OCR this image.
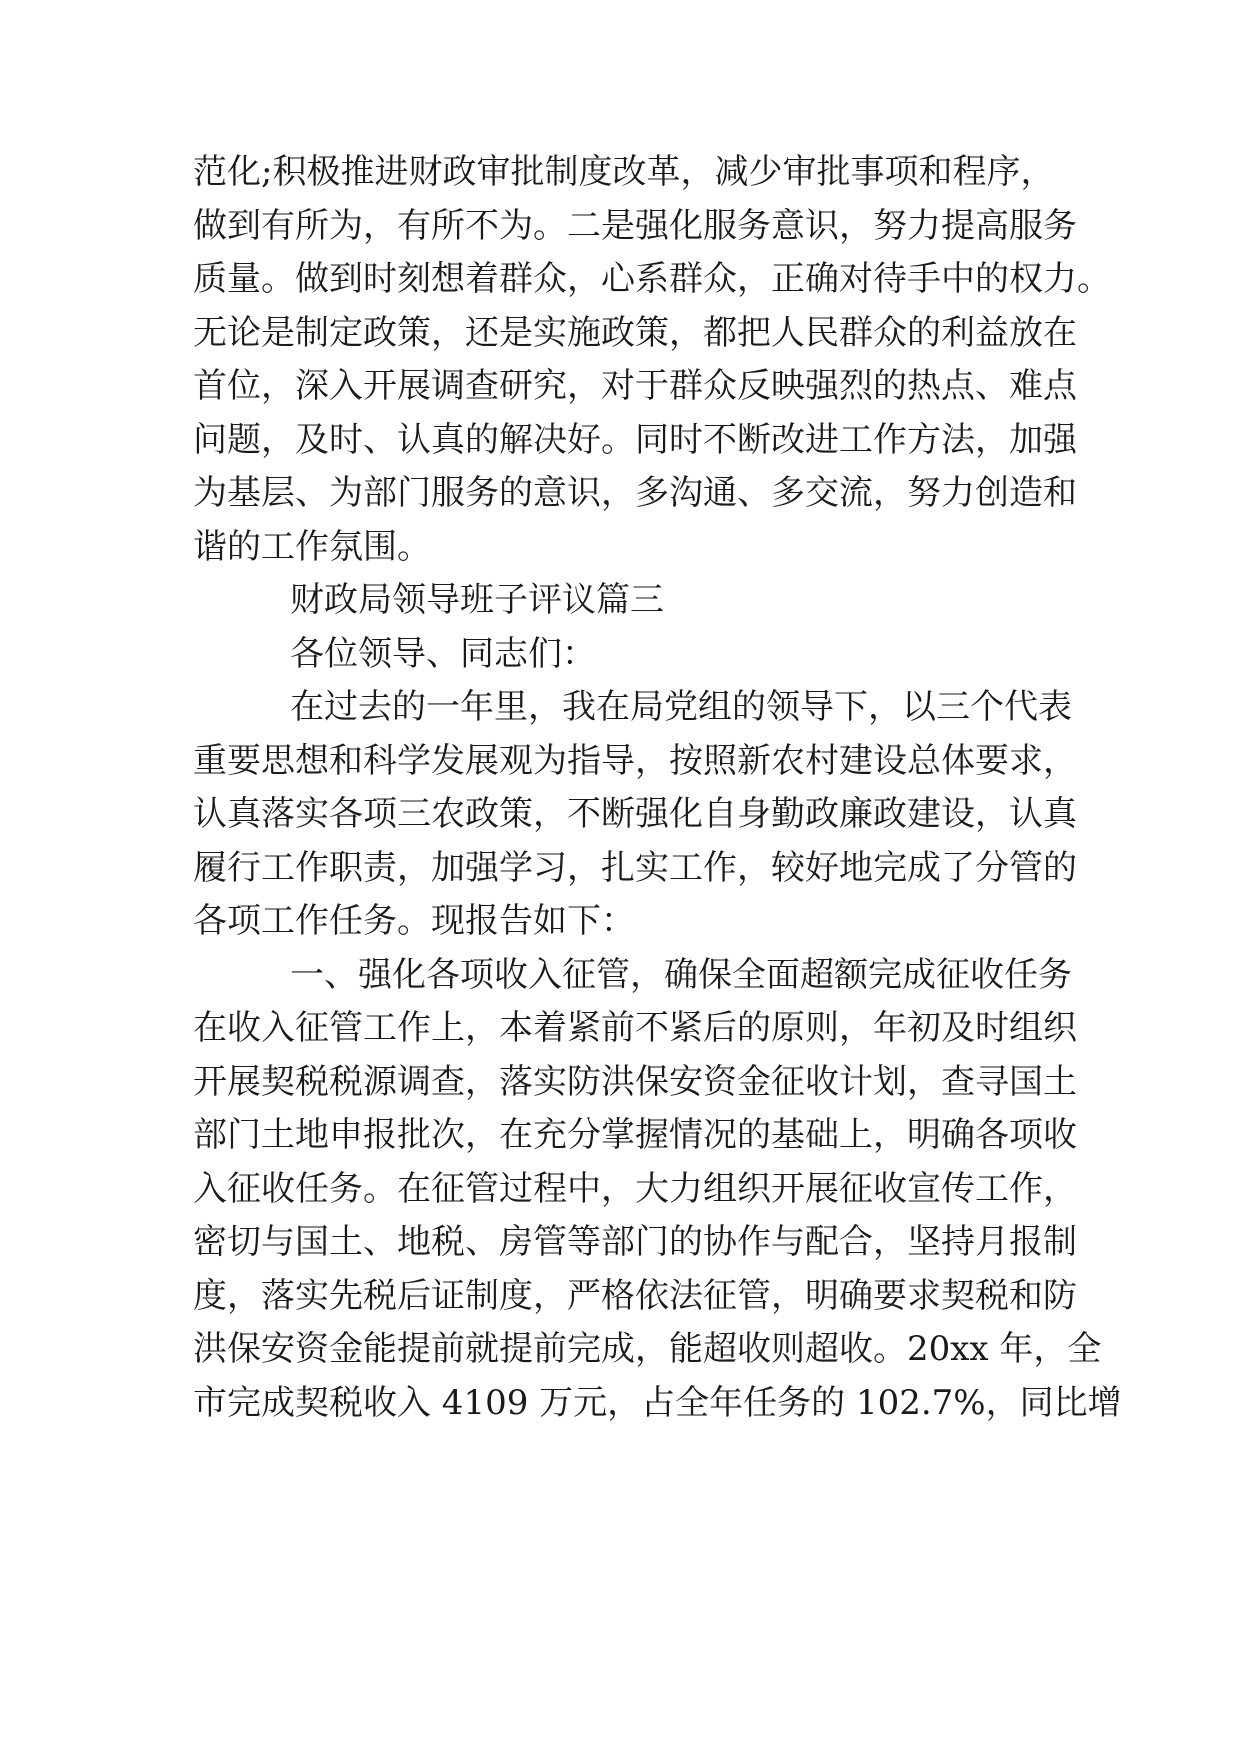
范化;积极推进财政审批制度改革，减少审批事项和程序，
做到有所为，有所不为。二是强化服务意识，努力提高服务
质量。做到时刻想着群众，心系群众，正确对待手中的权力。
无论是制定政策，还是实施政策，都把人民群众的利益放在
首位，深入开展调查研究，对于群众反映强烈的热点、难点
问题，及时、认真的解决好。同时不断改进工作方法，加强
为基层、为部门服务的意识，多沟通、多交流，努力创造和
谐的工作氛围。
财政局领导班子评议篇三
各位领导、同志们：
在过去的一年里，我在局党组的领导下，以三个代表
重要思想和科学发展观为指导，按照新农村建设总体要求，
认真落实各项三农政策，不断强化自身勤政廉政建设，认真
履行工作职责，加强学习，扎实工作，较好地完成了分管的
各项工作任务。现报告如下：
一、强化各项收入征管，确保全面超额完成征收任务
在收入征管工作上，本着紧前不紧后的原则，年初及时组织
开展契税税源调查，落实防洪保安资金征收计划，查寻国土
部门土地申报批次，在充分掌握情况的基础上，明确各项收
入征收任务。在征管过程中，大力组织开展征收宣传工作，
密切与国土、地税、房管等部门的协作与配合，坚持月报制
度，落实先税后证制度，严格依法征管，明确要求契税和防
洪保安资金能提前就提前完成，能超收则超收。20xx 年，全
市完成契税收入 4109 万元，占全年任务的 102.7%，同比增
